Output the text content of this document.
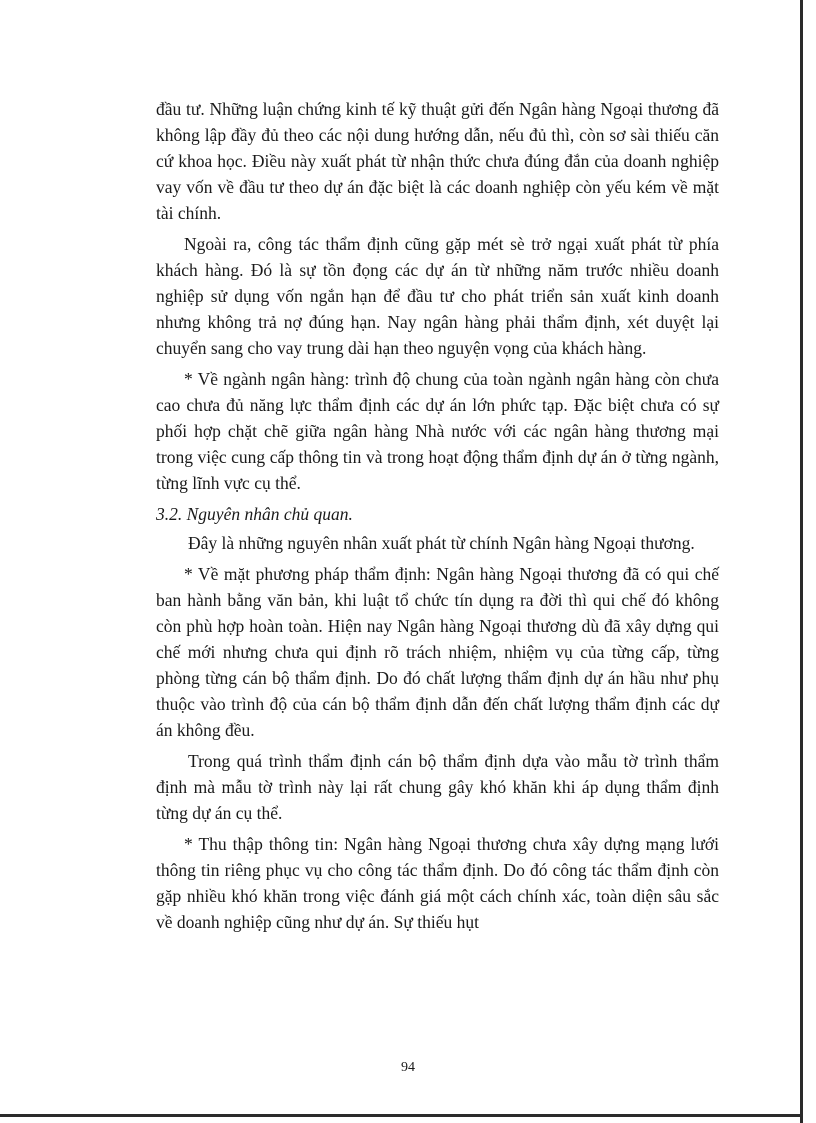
đầu tư. Những luận chứng kinh tế kỹ thuật gửi đến Ngân hàng Ngoại thương đã không lập đầy đủ theo các nội dung hướng dẫn, nếu đủ thì, còn sơ sài thiếu căn cứ khoa học. Điều này xuất phát từ nhận thức chưa đúng đắn của doanh nghiệp vay vốn về đầu tư theo dự án đặc biệt là các doanh nghiệp còn yếu kém về mặt tài chính.

Ngoài ra, công tác thẩm định cũng gặp mét sè trở ngại xuất phát từ phía khách hàng. Đó là sự tồn đọng các dự án từ những năm trước nhiều doanh nghiệp sử dụng vốn ngắn hạn để đầu tư cho phát triển sản xuất kinh doanh nhưng không trả nợ đúng hạn. Nay ngân hàng phải thẩm định, xét duyệt lại chuyển sang cho vay trung dài hạn theo nguyện vọng của khách hàng.

* Về ngành ngân hàng: trình độ chung của toàn ngành ngân hàng còn chưa cao chưa đủ năng lực thẩm định các dự án lớn phức tạp. Đặc biệt chưa có sự phối hợp chặt chẽ giữa ngân hàng Nhà nước với các ngân hàng thương mại trong việc cung cấp thông tin và trong hoạt động thẩm định dự án ở từng ngành, từng lĩnh vực cụ thể.

3.2. Nguyên nhân chủ quan.

Đây là những nguyên nhân xuất phát từ chính Ngân hàng Ngoại thương.

* Về mặt phương pháp thẩm định: Ngân hàng Ngoại thương đã có qui chế ban hành bằng văn bản, khi luật tổ chức tín dụng ra đời thì qui chế đó không còn phù hợp hoàn toàn. Hiện nay Ngân hàng Ngoại thương dù đã xây dựng qui chế mới nhưng chưa qui định rõ trách nhiệm, nhiệm vụ của từng cấp, từng phòng từng cán bộ thẩm định. Do đó chất lượng thẩm định dự án hầu như phụ thuộc vào trình độ của cán bộ thẩm định dẫn đến chất lượng thẩm định các dự án không đều.

Trong quá trình thẩm định cán bộ thẩm định dựa vào mẫu tờ trình thẩm định mà mẫu tờ trình này lại rất chung gây khó khăn khi áp dụng thẩm định từng dự án cụ thể.

* Thu thập thông tin: Ngân hàng Ngoại thương chưa xây dựng mạng lưới thông tin riêng phục vụ cho công tác thẩm định. Do đó công tác thẩm định còn gặp nhiều khó khăn trong việc đánh giá một cách chính xác, toàn diện sâu sắc về doanh nghiệp cũng như dự án. Sự thiếu hụt

94
